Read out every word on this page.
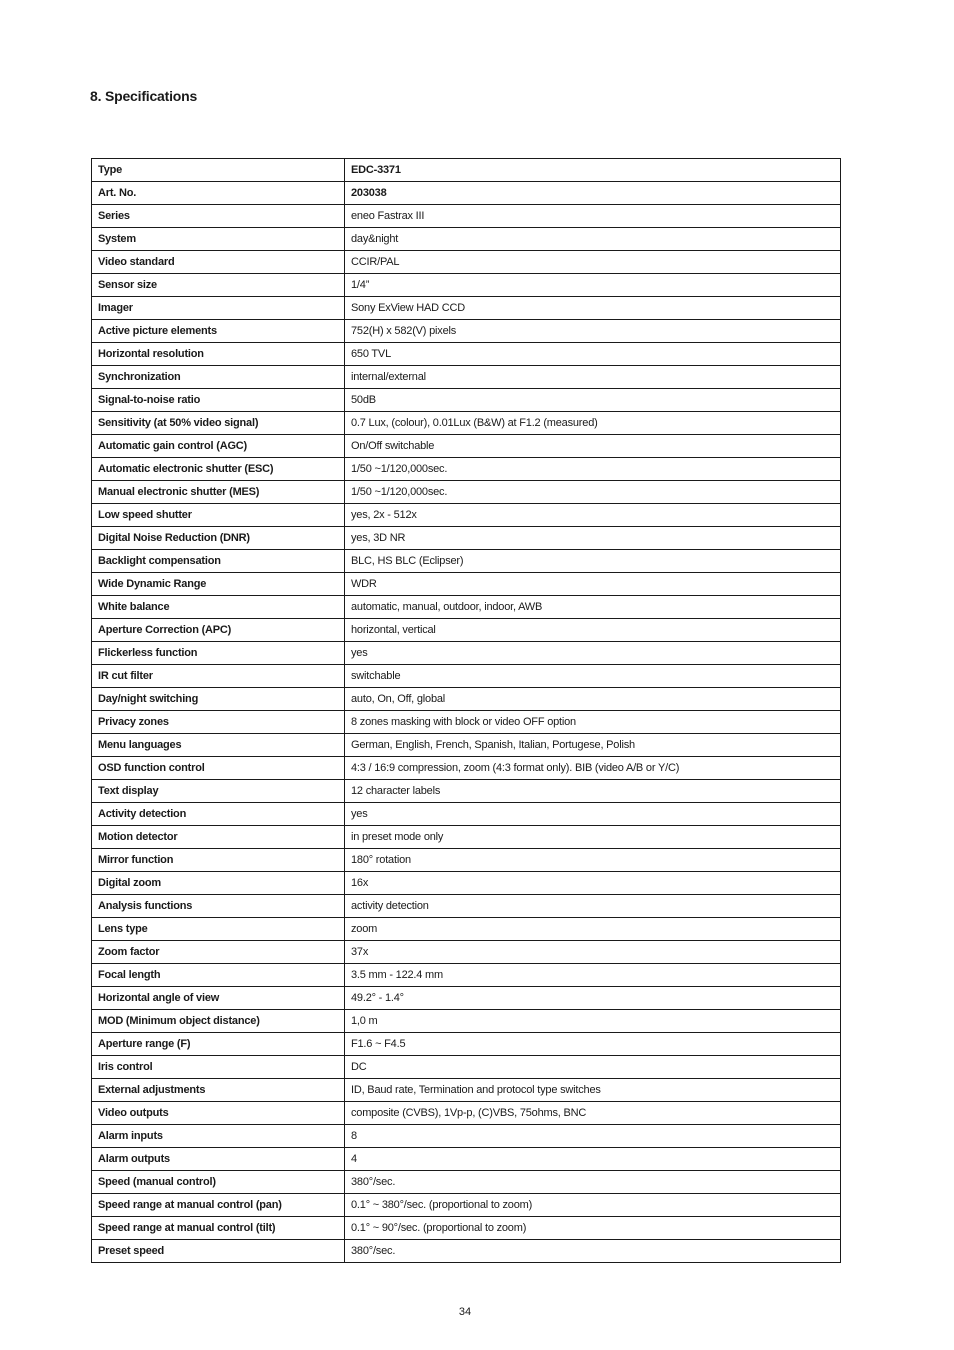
8. Specifications
Type	EDC-3371
Art. No.	203038
Series	eneo Fastrax III
System	day&night
Video standard	CCIR/PAL
Sensor size	1/4”
Imager	Sony ExView HAD CCD
Active picture elements	752(H) x 582(V) pixels
Horizontal resolution	650 TVL
Synchronization	internal/external
Signal-to-noise ratio	50dB
Sensitivity (at 50% video signal)	0.7 Lux, (colour), 0.01Lux (B&W) at F1.2 (measured)
Automatic gain control (AGC)	On/Off switchable
Automatic electronic shutter (ESC)	1/50 ~1/120,000sec.
Manual electronic shutter (MES)	1/50 ~1/120,000sec.
Low speed shutter	yes, 2x - 512x
Digital Noise Reduction (DNR)	yes, 3D NR
Backlight compensation	BLC, HS BLC (Eclipser)
Wide Dynamic Range	WDR
White balance	automatic, manual, outdoor, indoor, AWB
Aperture Correction (APC)	horizontal, vertical
Flickerless function	yes
IR cut filter	switchable
Day/night switching	auto, On, Off, global
Privacy zones	8 zones masking with block or video OFF option
Menu languages	German, English, French, Spanish, Italian, Portugese, Polish
OSD function control	4:3 / 16:9 compression, zoom (4:3 format only). BIB (video A/B or Y/C)
Text display	12 character labels
Activity detection	yes
Motion detector	in preset mode only
Mirror function	180° rotation
Digital zoom	16x
Analysis functions	activity detection
Lens type	zoom
Zoom factor	37x
Focal length	3.5 mm - 122.4 mm
Horizontal angle of view	49.2° - 1.4°
MOD (Minimum object distance)	1,0 m
Aperture range (F)	F1.6 ~ F4.5
Iris control	DC
External adjustments	ID, Baud rate, Termination and protocol type switches
Video outputs	composite (CVBS), 1Vp-p, (C)VBS, 75ohms, BNC
Alarm inputs	8
Alarm outputs	4
Speed (manual control)	380°/sec.
Speed range at manual control (pan)	0.1° ~ 380°/sec. (proportional to zoom)
Speed range at manual control (tilt)	0.1° ~ 90°/sec. (proportional to zoom)
Preset speed	380°/sec.
34
